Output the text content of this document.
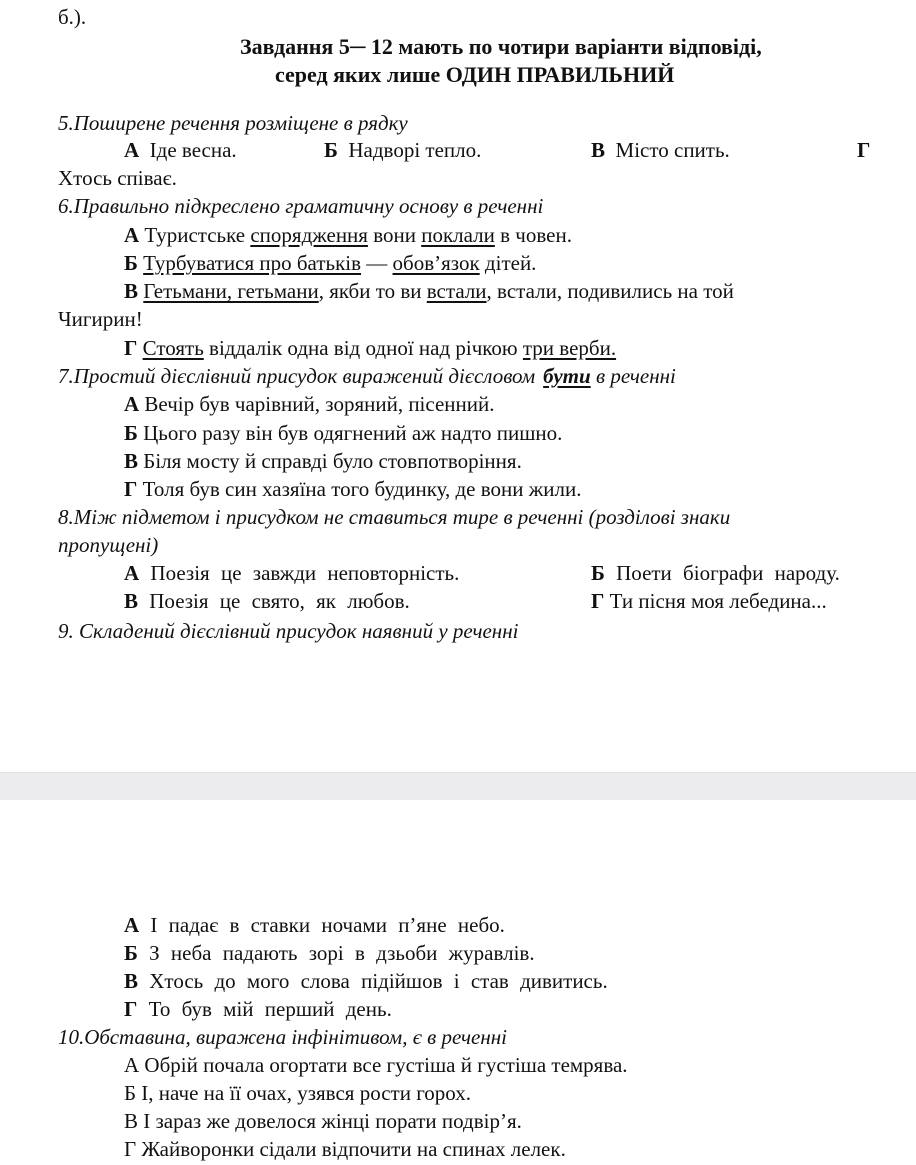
б.).
Завдання 5─ 12 мають по чотири варіанти відповіді,
серед яких лише ОДИН ПРАВИЛЬНИЙ
5.Поширене речення розміщене в рядку
А Іде весна.	Б Надворі тепло.	В Місто спить.	Г
Хтось співає.
6.Правильно підкреслено граматичну основу в реченні
А Туристське спорядження вони поклали в човен.
Б Турбуватися про батьків — обов’язок дітей.
В Гетьмани, гетьмани, якби то ви встали, встали, подивились на той
Чигирин!
Г Стоять віддалік одна від одної над річкою три верби.
7.Простий дієслівний присудок виражений дієсловом бути в реченні
А Вечір був чарівний, зоряний, пісенний.
Б Цього разу він був одягнений аж надто пишно.
В Біля мосту й справді було стовпотворіння.
Г Толя був син хазяїна того будинку, де вони жили.
8.Між підметом і присудком не ставиться тире в реченні (розділові знаки
пропущені)
А Поезія це завжди неповторність.	Б Поети біографи народу.
В Поезія це свято, як любов.	Г Ти пісня моя лебедина...
9. Складений дієслівний присудок наявний у реченні
А І падає в ставки ночами п’яне небо.
Б З неба падають зорі в дзьоби журавлів.
В Хтось до мого слова підійшов і став дивитись.
Г То був мій перший день.
10.Обставина, виражена інфінітивом, є в реченні
А Обрій почала огортати все густіша й густіша темрява.
Б І, наче на її очах, узявся рости горох.
В І зараз же довелося жінці порати подвір’я.
Г Жайворонки сідали відпочити на спинах лелек.
